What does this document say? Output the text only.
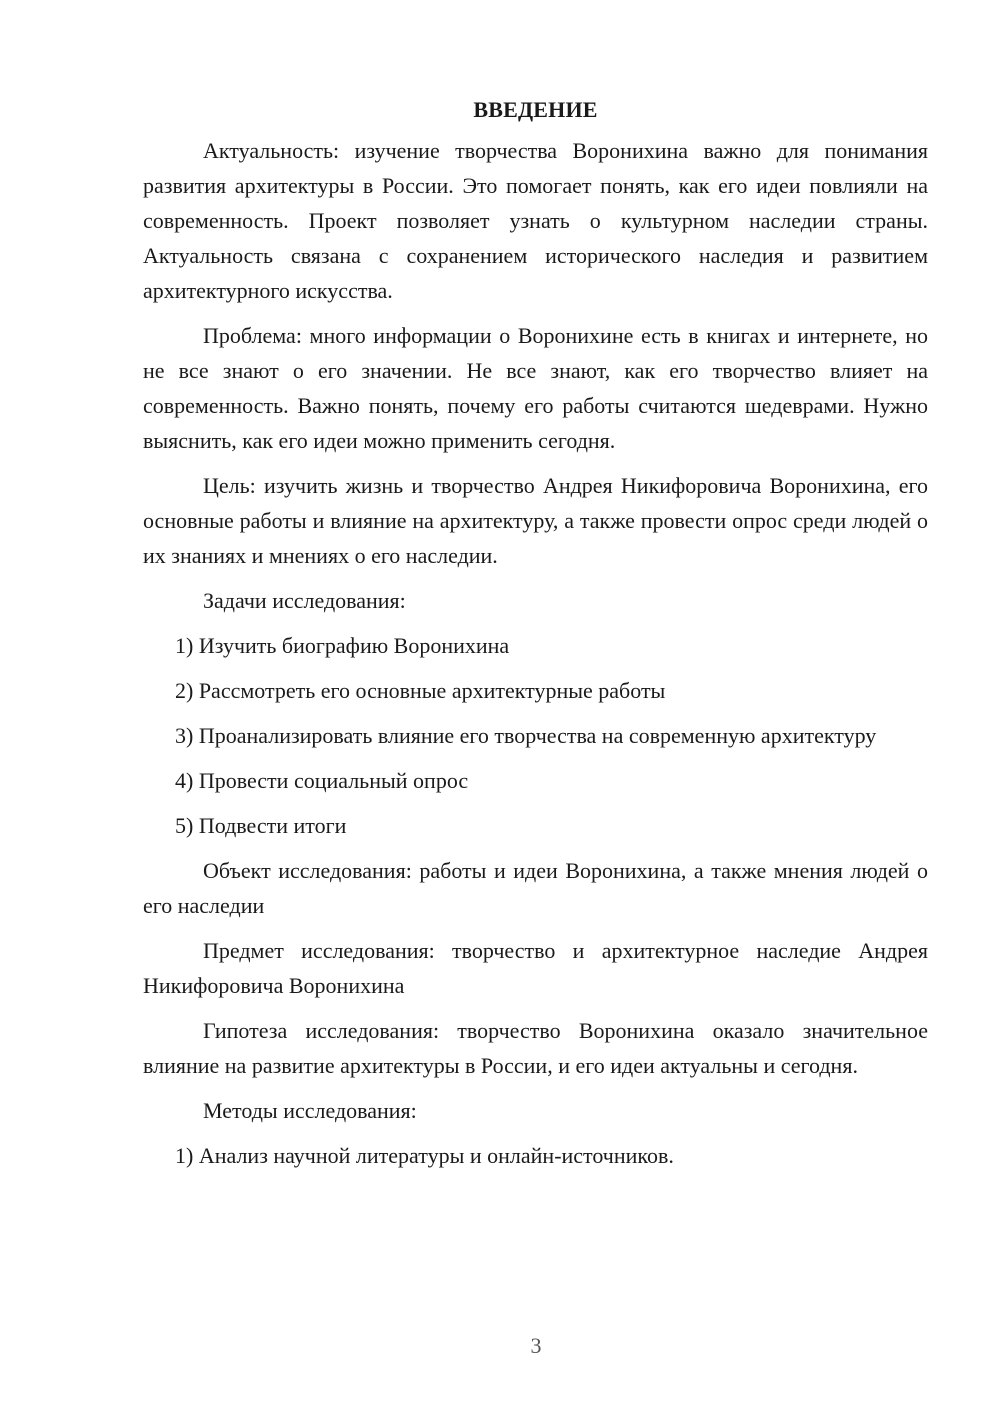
ВВЕДЕНИЕ

Актуальность: изучение творчества Воронихина важно для понимания развития архитектуры в России. Это помогает понять, как его идеи повлияли на современность. Проект позволяет узнать о культурном наследии страны. Актуальность связана с сохранением исторического наследия и развитием архитектурного искусства.

Проблема: много информации о Воронихине есть в книгах и интернете, но не все знают о его значении. Не все знают, как его творчество влияет на современность. Важно понять, почему его работы считаются шедеврами. Нужно выяснить, как его идеи можно применить сегодня.

Цель: изучить жизнь и творчество Андрея Никифоровича Воронихина, его основные работы и влияние на архитектуру, а также провести опрос среди людей о их знаниях и мнениях о его наследии.

Задачи исследования:

1) Изучить биографию Воронихина

2) Рассмотреть его основные архитектурные работы

3) Проанализировать влияние его творчества на современную архитектуру

4) Провести социальный опрос

5) Подвести итоги

Объект исследования: работы и идеи Воронихина, а также мнения людей о его наследии

Предмет исследования: творчество и архитектурное наследие Андрея Никифоровича Воронихина

Гипотеза исследования: творчество Воронихина оказало значительное влияние на развитие архитектуры в России, и его идеи актуальны и сегодня.

Методы исследования:

1) Анализ научной литературы и онлайн-источников.

3
